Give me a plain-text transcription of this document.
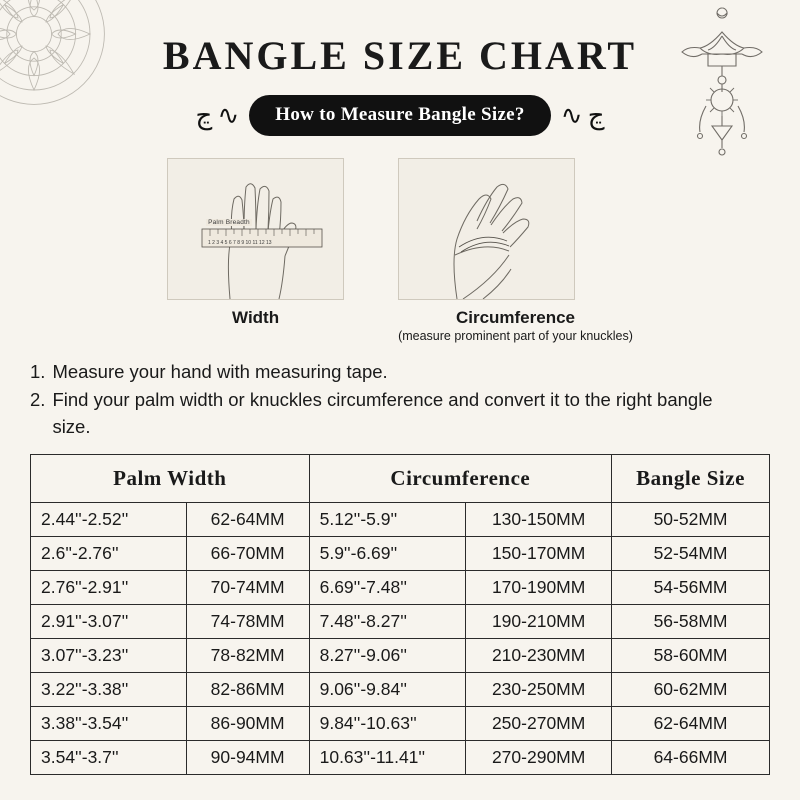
BANGLE SIZE CHART
ڃ ∿	How to Measure Bangle Size?	∿ ڃ
1 2 3 4 5 6 7 8 9 10 11 12 13
Palm Breadth
Width	Circumference
(measure prominent part of your knuckles)
1. Measure your hand with measuring tape.
2. Find your palm width or knuckles circumference and convert it to the right bangle size.
Palm Width		Circumference		Bangle Size
2.44''-2.52''	62-64MM	5.12''-5.9''	130-150MM	50-52MM
2.6''-2.76''	66-70MM	5.9''-6.69''	150-170MM	52-54MM
2.76''-2.91''	70-74MM	6.69''-7.48''	170-190MM	54-56MM
2.91''-3.07''	74-78MM	7.48''-8.27''	190-210MM	56-58MM
3.07''-3.23''	78-82MM	8.27''-9.06''	210-230MM	58-60MM
3.22''-3.38''	82-86MM	9.06''-9.84''	230-250MM	60-62MM
3.38''-3.54''	86-90MM	9.84''-10.63''	250-270MM	62-64MM
3.54''-3.7''	90-94MM	10.63''-11.41''	270-290MM	64-66MM
